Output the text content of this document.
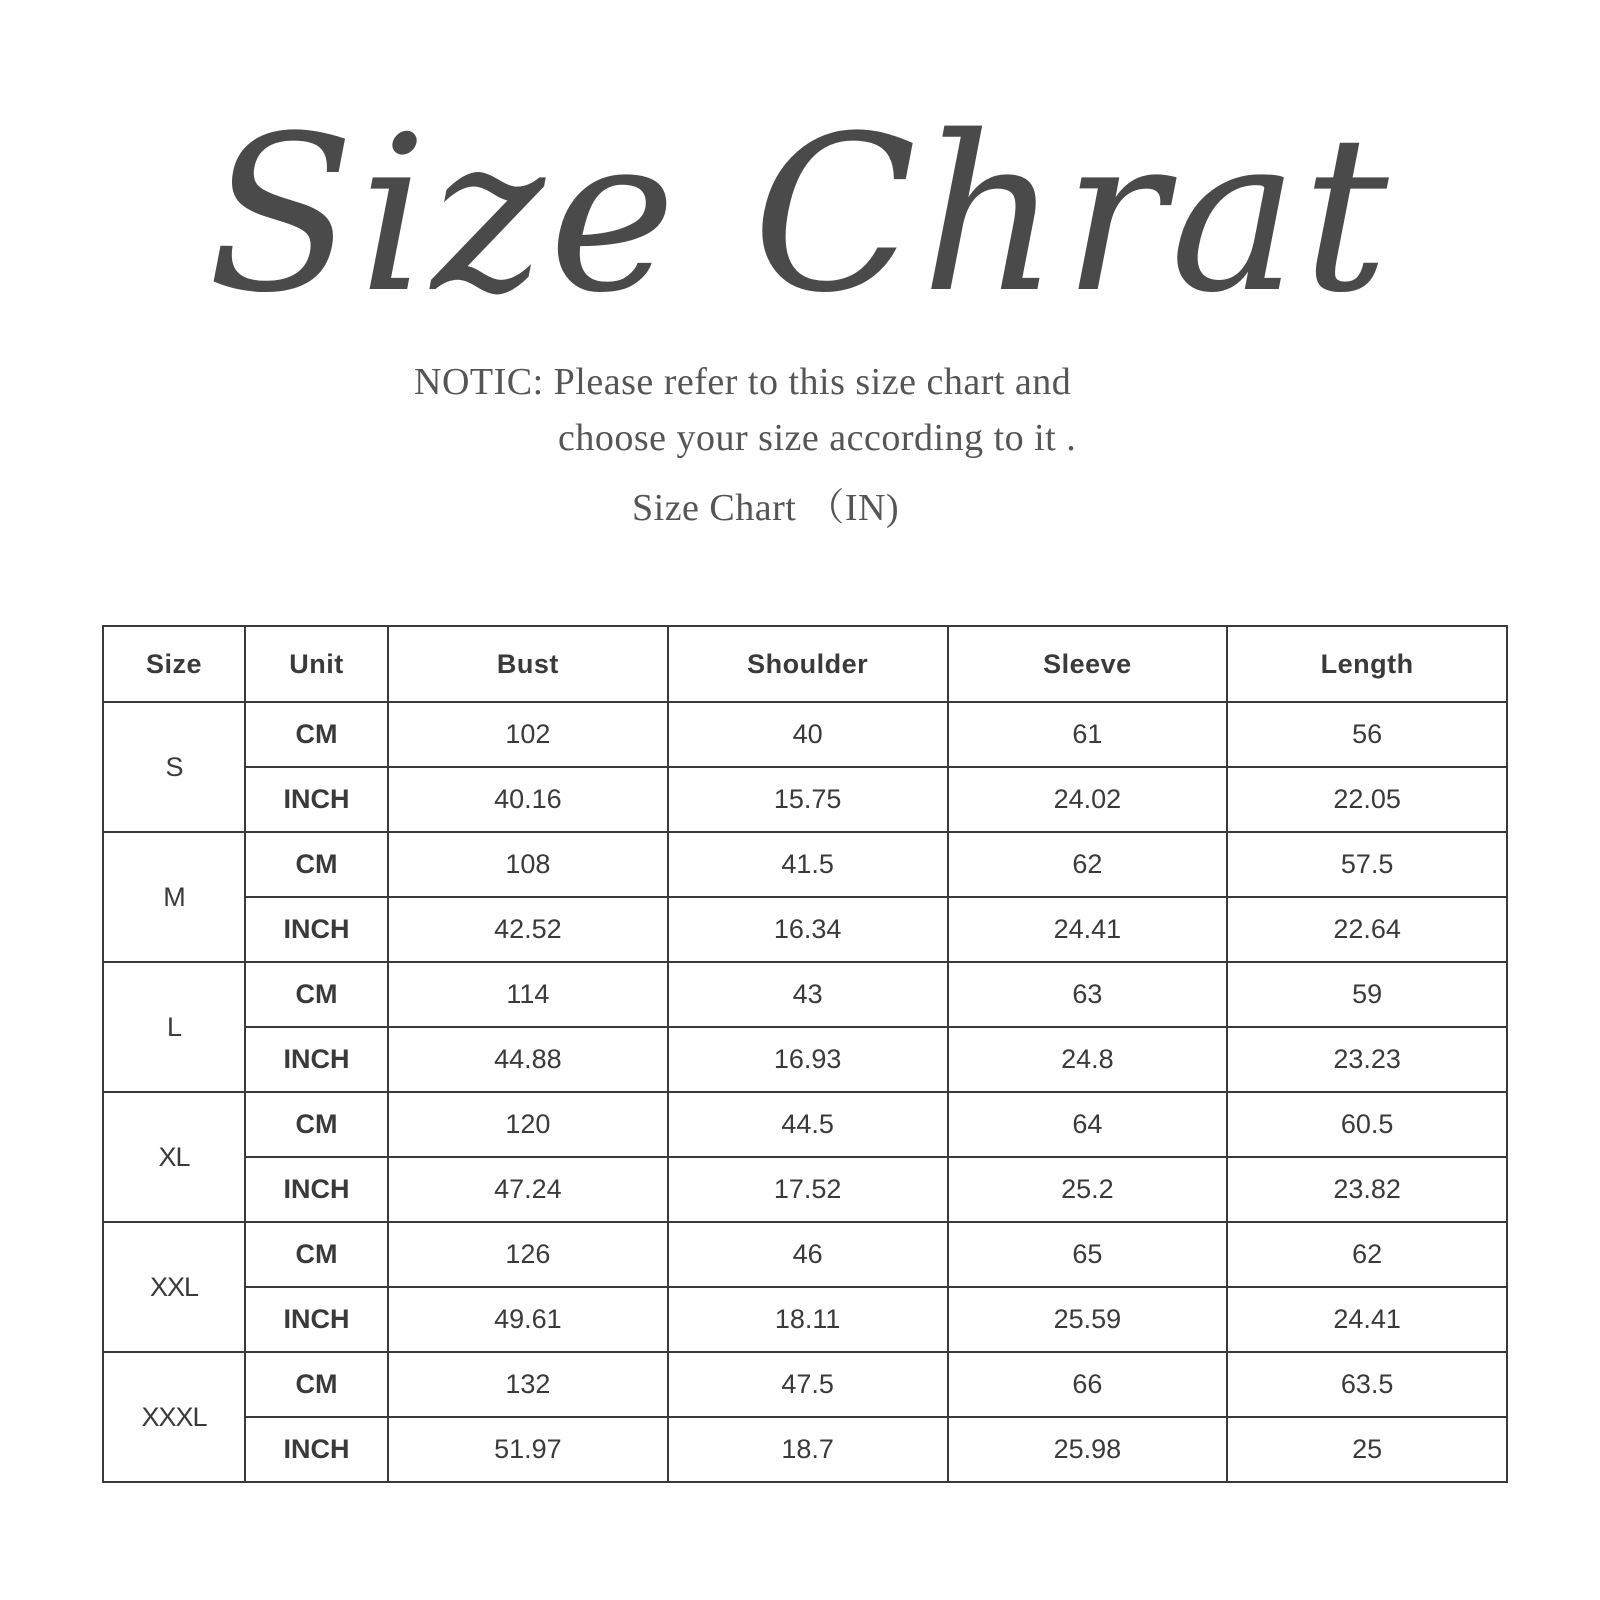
Size Chrat
NOTIC: Please refer to this size chart and
choose your size according to it .
Size Chart （IN)
Size	Unit	Bust	Shoulder	Sleeve	Length
S	CM	102	40	61	56
	INCH	40.16	15.75	24.02	22.05
M	CM	108	41.5	62	57.5
	INCH	42.52	16.34	24.41	22.64
L	CM	114	43	63	59
	INCH	44.88	16.93	24.8	23.23
XL	CM	120	44.5	64	60.5
	INCH	47.24	17.52	25.2	23.82
XXL	CM	126	46	65	62
	INCH	49.61	18.11	25.59	24.41
XXXL	CM	132	47.5	66	63.5
	INCH	51.97	18.7	25.98	25
